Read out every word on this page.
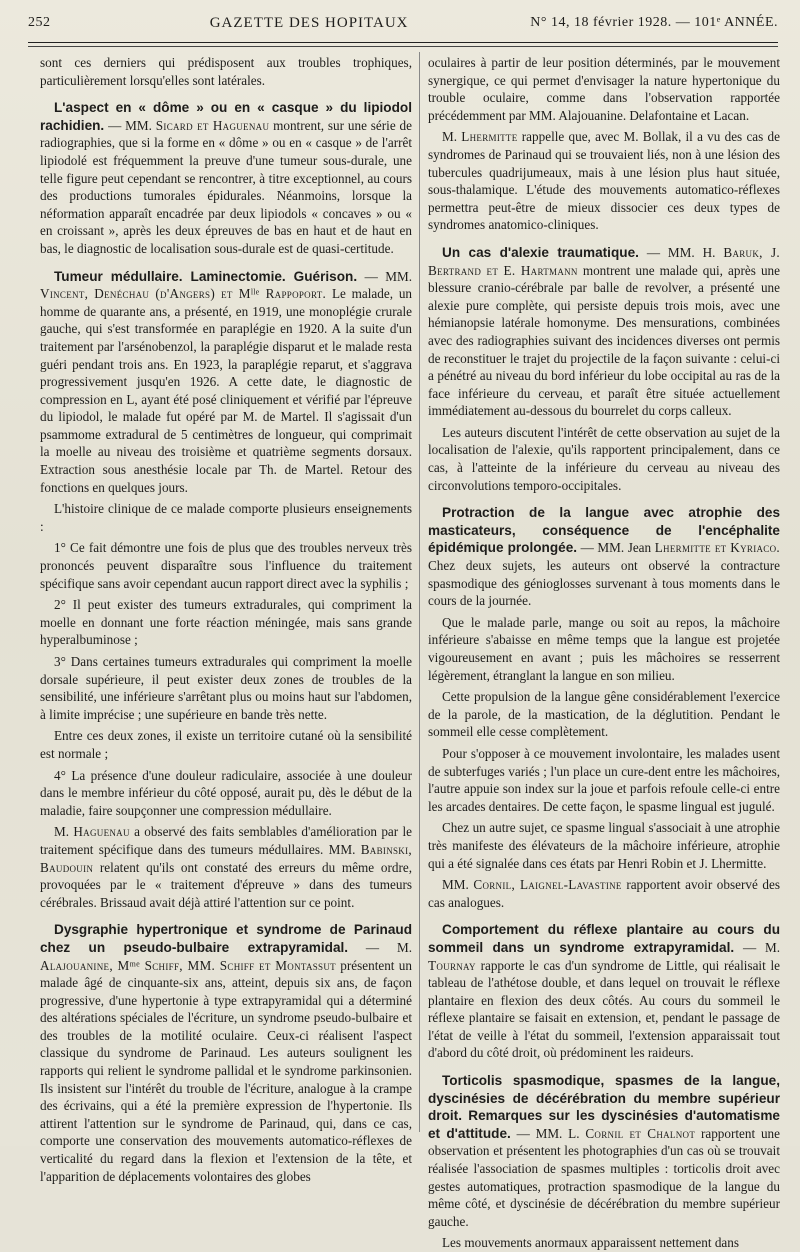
252	GAZETTE DES HOPITAUX	N° 14, 18 février 1928. — 101ᵉ ANNÉE.

sont ces derniers qui prédisposent aux troubles trophiques, particulièrement lorsqu'elles sont latérales.

L'aspect en « dôme » ou en « casque » du lipiodol rachidien. — MM. Sicard et Haguenau montrent, sur une série de radiographies, que si la forme en « dôme » ou en « casque » de l'arrêt lipiodolé est fréquemment la preuve d'une tumeur sous-durale, une telle figure peut cependant se rencontrer, à titre exceptionnel, au cours des productions tumorales épidurales. Néanmoins, lorsque la néformation apparaît encadrée par deux lipiodols « concaves » ou « en croissant », après les deux épreuves de bas en haut et de haut en bas, le diagnostic de localisation sous-durale est de quasi-certitude.

Tumeur médullaire. Laminectomie. Guérison. — MM. Vincent, Denéchau (d'Angers) et Mˡˡᵉ Rappoport. Le malade, un homme de quarante ans, a présenté, en 1919, une monoplégie crurale gauche, qui s'est transformée en paraplégie en 1920. A la suite d'un traitement par l'arsénobenzol, la paraplégie disparut et le malade resta guéri pendant trois ans. En 1923, la paraplégie reparut, et s'aggrava progressivement jusqu'en 1926. A cette date, le diagnostic de compression en L, ayant été posé cliniquement et vérifié par l'épreuve du lipiodol, le malade fut opéré par M. de Martel. Il s'agissait d'un psammome extradural de 5 centimètres de longueur, qui comprimait la moelle au niveau des troisième et quatrième segments dorsaux. Extraction sous anesthésie locale par Th. de Martel. Retour des fonctions en quelques jours.

L'histoire clinique de ce malade comporte plusieurs enseignements :

1° Ce fait démontre une fois de plus que des troubles nerveux très prononcés peuvent disparaître sous l'influence du traitement spécifique sans avoir cependant aucun rapport direct avec la syphilis ;

2° Il peut exister des tumeurs extradurales, qui compriment la moelle en donnant une forte réaction méningée, mais sans grande hyperalbuminose ;

3° Dans certaines tumeurs extradurales qui compriment la moelle dorsale supérieure, il peut exister deux zones de troubles de la sensibilité, une inférieure s'arrêtant plus ou moins haut sur l'abdomen, à limite imprécise ; une supérieure en bande très nette.

Entre ces deux zones, il existe un territoire cutané où la sensibilité est normale ;

4° La présence d'une douleur radiculaire, associée à une douleur dans le membre inférieur du côté opposé, aurait pu, dès le début de la maladie, faire soupçonner une compression médullaire.

M. Haguenau a observé des faits semblables d'amélioration par le traitement spécifique dans des tumeurs médullaires. MM. Babinski, Baudouin relatent qu'ils ont constaté des erreurs du même ordre, provoquées par le « traitement d'épreuve » dans des tumeurs cérébrales. Brissaud avait déjà attiré l'attention sur ce point.

Dysgraphie hypertronique et syndrome de Parinaud chez un pseudo-bulbaire extrapyramidal. — M. Alajouanine, Mᵐᵉ Schiff, MM. Schiff et Montassut présentent un malade âgé de cinquante-six ans, atteint, depuis six ans, de façon progressive, d'une hypertonie à type extrapyramidal qui a déterminé des altérations spéciales de l'écriture, un syndrome pseudo-bulbaire et des troubles de la motilité oculaire. Ceux-ci réalisent l'aspect classique du syndrome de Parinaud. Les auteurs soulignent les rapports qui relient le syndrome pallidal et le syndrome parkinsonien. Ils insistent sur l'intérêt du trouble de l'écriture, analogue à la crampe des écrivains, qui a été la première expression de l'hypertonie. Ils attirent l'attention sur le syndrome de Parinaud, qui, dans ce cas, comporte une conservation des mouvements automatico-réflexes de verticalité du regard dans la flexion et l'extension de la tête, et l'apparition de déplacements volontaires des globes

oculaires à partir de leur position déterminés, par le mouvement synergique, ce qui permet d'envisager la nature hypertonique du trouble oculaire, comme dans l'observation rapportée précédemment par MM. Alajouanine. Delafontaine et Lacan.

M. Lhermitte rappelle que, avec M. Bollak, il a vu des cas de syndromes de Parinaud qui se trouvaient liés, non à une lésion des tubercules quadrijumeaux, mais à une lésion plus haut située, sous-thalamique. L'étude des mouvements automatico-réflexes permettra peut-être de mieux dissocier ces deux types de syndromes anatomico-cliniques.

Un cas d'alexie traumatique. — MM. H. Baruk, J. Bertrand et E. Hartmann montrent une malade qui, après une blessure cranio-cérébrale par balle de revolver, a présenté une alexie pure complète, qui persiste depuis trois mois, avec une hémianopsie latérale homonyme. Des mensurations, combinées avec des radiographies suivant des incidences diverses ont permis de reconstituer le trajet du projectile de la façon suivante : celui-ci a pénétré au niveau du bord inférieur du lobe occipital au ras de la face inférieure du cerveau, et paraît être située actuellement immédiatement au-dessous du bourrelet du corps calleux.

Les auteurs discutent l'intérêt de cette observation au sujet de la localisation de l'alexie, qu'ils rapportent principalement, dans ce cas, à l'atteinte de la inférieure du cerveau au niveau des circonvolutions temporo-occipitales.

Protraction de la langue avec atrophie des masticateurs, conséquence de l'encéphalite épidémique prolongée. — MM. Jean Lhermitte et Kyriaco. Chez deux sujets, les auteurs ont observé la contracture spasmodique des génioglosses survenant à tous moments dans le cours de la journée.

Que le malade parle, mange ou soit au repos, la mâchoire inférieure s'abaisse en même temps que la langue est projetée vigoureusement en avant ; puis les mâchoires se resserrent légèrement, étranglant la langue en son milieu.

Cette propulsion de la langue gêne considérablement l'exercice de la parole, de la mastication, de la déglutition. Pendant le sommeil elle cesse complètement.

Pour s'opposer à ce mouvement involontaire, les malades usent de subterfuges variés ; l'un place un cure-dent entre les mâchoires, l'autre appuie son index sur la joue et parfois refoule celle-ci entre les arcades dentaires. De cette façon, le spasme lingual est jugulé.

Chez un autre sujet, ce spasme lingual s'associait à une atrophie très manifeste des élévateurs de la mâchoire inférieure, atrophie qui a été signalée dans ces états par Henri Robin et J. Lhermitte.

MM. Cornil, Laignel-Lavastine rapportent avoir observé des cas analogues.

Comportement du réflexe plantaire au cours du sommeil dans un syndrome extrapyramidal. — M. Tournay rapporte le cas d'un syndrome de Little, qui réalisait le tableau de l'athétose double, et dans lequel on trouvait le réflexe plantaire en flexion des deux côtés. Au cours du sommeil le réflexe plantaire se faisait en extension, et, pendant le passage de l'état de veille à l'état du sommeil, l'extension apparaissait tout d'abord du côté droit, où prédominent les raideurs.

Torticolis spasmodique, spasmes de la langue, dyscinésies de décérébration du membre supérieur droit. Remarques sur les dyscinésies d'automatisme et d'attitude. — MM. L. Cornil et Chalnot rapportent une observation et présentent les photographies d'un cas où se trouvait réalisée l'association de spasmes multiples : torticolis droit avec gestes automatiques, protraction spasmodique de la langue du même côté, et dyscinésie de décérébration du membre supérieur gauche.

Les mouvements anormaux apparaissent nettement dans
